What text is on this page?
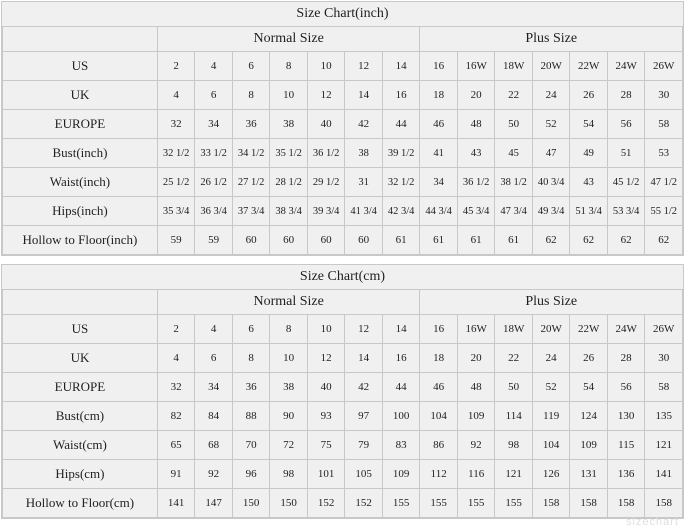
Size Chart(inch)														
	Normal Size							Plus Size						
US	2	4	6	8	10	12	14	16	16W	18W	20W	22W	24W	26W
UK	4	6	8	10	12	14	16	18	20	22	24	26	28	30
EUROPE	32	34	36	38	40	42	44	46	48	50	52	54	56	58
Bust(inch)	32 1/2	33 1/2	34 1/2	35 1/2	36 1/2	38	39 1/2	41	43	45	47	49	51	53
Waist(inch)	25 1/2	26 1/2	27 1/2	28 1/2	29 1/2	31	32 1/2	34	36 1/2	38 1/2	40 3/4	43	45 1/2	47 1/2
Hips(inch)	35 3/4	36 3/4	37 3/4	38 3/4	39 3/4	41 3/4	42 3/4	44 3/4	45 3/4	47 3/4	49 3/4	51 3/4	53 3/4	55 1/2
Hollow to Floor(inch)	59	59	60	60	60	60	61	61	61	61	62	62	62	62
Size Chart(cm)														
	Normal Size							Plus Size						
US	2	4	6	8	10	12	14	16	16W	18W	20W	22W	24W	26W
UK	4	6	8	10	12	14	16	18	20	22	24	26	28	30
EUROPE	32	34	36	38	40	42	44	46	48	50	52	54	56	58
Bust(cm)	82	84	88	90	93	97	100	104	109	114	119	124	130	135
Waist(cm)	65	68	70	72	75	79	83	86	92	98	104	109	115	121
Hips(cm)	91	92	96	98	101	105	109	112	116	121	126	131	136	141
Hollow to Floor(cm)	141	147	150	150	152	152	155	155	155	155	158	158	158	158
sizechart
